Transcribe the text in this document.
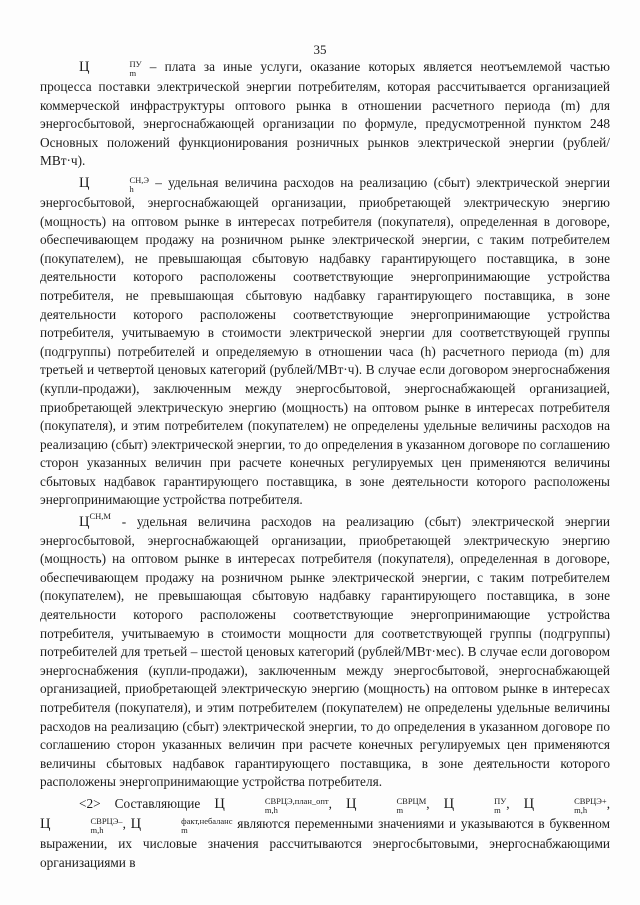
35

Ц	ПУ
m	– плата за иные услуги, оказание которых является неотъемлемой частью процесса поставки электрической энергии потребителям, которая рассчитывается организацией коммерческой инфраструктуры оптового рынка в отношении расчетного периода (m) для энергосбытовой, энергоснабжающей организации по формуле, предусмотренной пунктом 248 Основных положений функционирования розничных рынков электрической энергии (рублей/МВт·ч).

Ц	СН,Э
h	– удельная величина расходов на реализацию (сбыт) электрической энергии энергосбытовой, энергоснабжающей организации, приобретающей электрическую энергию (мощность) на оптовом рынке в интересах потребителя (покупателя), определенная в договоре, обеспечивающем продажу на розничном рынке электрической энергии, с таким потребителем (покупателем), не превышающая сбытовую надбавку гарантирующего поставщика, в зоне деятельности которого расположены соответствующие энергопринимающие устройства потребителя, не превышающая сбытовую надбавку гарантирующего поставщика, в зоне деятельности которого расположены соответствующие энергопринимающие устройства потребителя, учитываемую в стоимости электрической энергии для соответствующей группы (подгруппы) потребителей и определяемую в отношении часа (h) расчетного периода (m) для третьей и четвертой ценовых категорий (рублей/МВт·ч). В случае если договором энергоснабжения (купли-продажи), заключенным между энергосбытовой, энергоснабжающей организацией, приобретающей электрическую энергию (мощность) на оптовом рынке в интересах потребителя (покупателя), и этим потребителем (покупателем) не определены удельные величины расходов на реализацию (сбыт) электрической энергии, то до определения в указанном договоре по соглашению сторон указанных величин при расчете конечных регулируемых цен применяются величины сбытовых надбавок гарантирующего поставщика, в зоне деятельности которого расположены энергопринимающие устройства потребителя.

$Ц^{СН,М}$ - удельная величина расходов на реализацию (сбыт) электрической энергии энергосбытовой, энергоснабжающей организации, приобретающей электрическую энергию (мощность) на оптовом рынке в интересах потребителя (покупателя), определенная в договоре, обеспечивающем продажу на розничном рынке электрической энергии, с таким потребителем (покупателем), не превышающая сбытовую надбавку гарантирующего поставщика, в зоне деятельности которого расположены соответствующие энергопринимающие устройства потребителя, учитываемую в стоимости мощности для соответствующей группы (подгруппы) потребителей для третьей – шестой ценовых категорий (рублей/МВт·мес). В случае если договором энергоснабжения (купли-продажи), заключенным между энергосбытовой, энергоснабжающей организацией, приобретающей электрическую энергию (мощность) на оптовом рынке в интересах потребителя (покупателя), и этим потребителем (покупателем) не определены удельные величины расходов на реализацию (сбыт) электрической энергии, то до определения в указанном договоре по соглашению сторон указанных величин при расчете конечных регулируемых цен применяются величины сбытовых надбавок гарантирующего поставщика, в зоне деятельности которого расположены энергопринимающие устройства потребителя.

<2> Составляющие Ц	СВРЦЭ,план_опт
m,h	, Ц	СВРЦМ
m	, Ц	ПУ
m , Ц	СВРЦЭ+
m,h	, Ц	СВРЦЭ–
m,h	, Ц	факт,небаланс
m	являются переменными значениями и указываются в буквенном выражении, их числовые значения рассчитываются энергосбытовыми, энергоснабжающими организациями в
